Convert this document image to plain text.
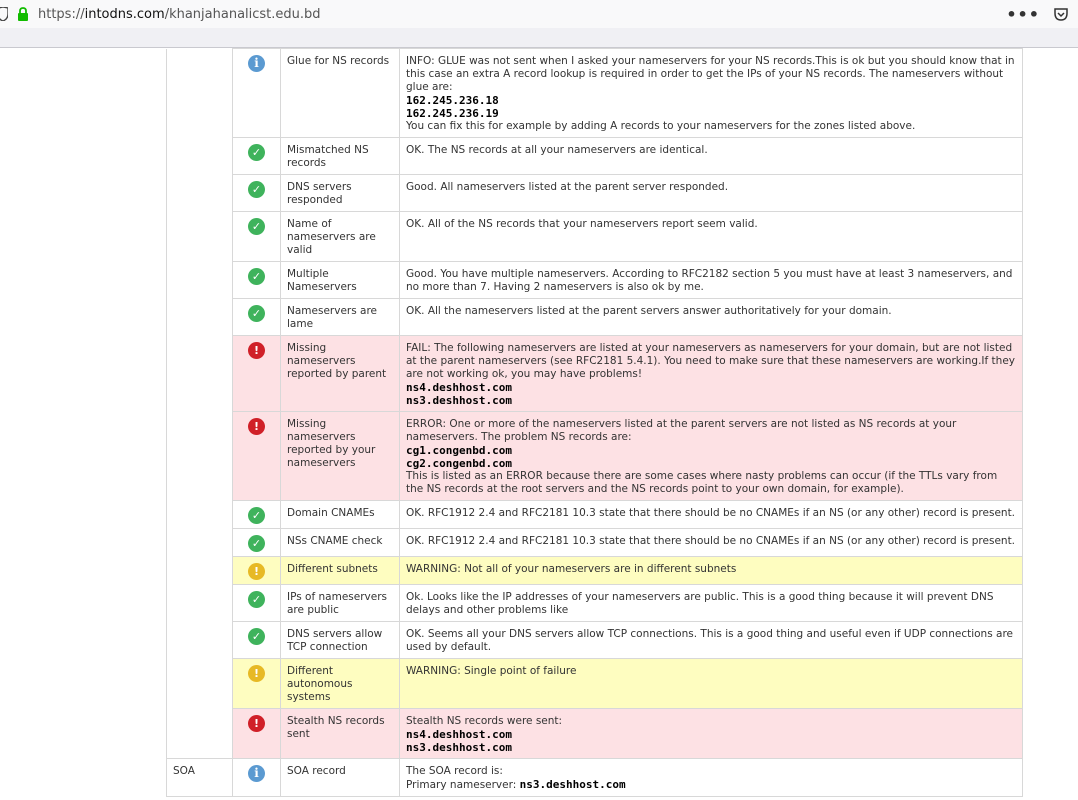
https://intodns.com/khanjahanalicst.edu.bd	•••
	i	Glue for NS records	INFO: GLUE was not sent when I asked your nameservers for your NS records.This is ok but you should know that in this case an extra A record lookup is required in order to get the IPs of your NS records. The nameservers without glue are:
162.245.236.18
162.245.236.19
You can fix this for example by adding A records to your nameservers for the zones listed above.

	✓	Mismatched NS records	OK. The NS records at all your nameservers are identical.

	✓	DNS servers responded	Good. All nameservers listed at the parent server responded.

	✓	Name of nameservers are valid	OK. All of the NS records that your nameservers report seem valid.

	✓	Multiple Nameservers	Good. You have multiple nameservers. According to RFC2182 section 5 you must have at least 3 nameservers, and no more than 7. Having 2 nameservers is also ok by me.

	✓	Nameservers are lame	OK. All the nameservers listed at the parent servers answer authoritatively for your domain.

	!	Missing nameservers reported by parent	FAIL: The following nameservers are listed at your nameservers as nameservers for your domain, but are not listed at the parent nameservers (see RFC2181 5.4.1). You need to make sure that these nameservers are working.If they are not working ok, you may have problems!
ns4.deshhost.com
ns3.deshhost.com

	!	Missing nameservers reported by your nameservers	ERROR: One or more of the nameservers listed at the parent servers are not listed as NS records at your nameservers. The problem NS records are:
cg1.congenbd.com
cg2.congenbd.com
This is listed as an ERROR because there are some cases where nasty problems can occur (if the TTLs vary from the NS records at the root servers and the NS records point to your own domain, for example).

	✓	Domain CNAMEs	OK. RFC1912 2.4 and RFC2181 10.3 state that there should be no CNAMEs if an NS (or any other) record is present.

	✓	NSs CNAME check	OK. RFC1912 2.4 and RFC2181 10.3 state that there should be no CNAMEs if an NS (or any other) record is present.

	!	Different subnets	WARNING: Not all of your nameservers are in different subnets

	✓	IPs of nameservers are public	Ok. Looks like the IP addresses of your nameservers are public. This is a good thing because it will prevent DNS delays and other problems like

	✓	DNS servers allow TCP connection	OK. Seems all your DNS servers allow TCP connections. This is a good thing and useful even if UDP connections are used by default.

	!	Different autonomous systems	WARNING: Single point of failure

	!	Stealth NS records sent	Stealth NS records were sent:
ns4.deshhost.com
ns3.deshhost.com

SOA	i	SOA record	The SOA record is:
Primary nameserver: ns3.deshhost.com
